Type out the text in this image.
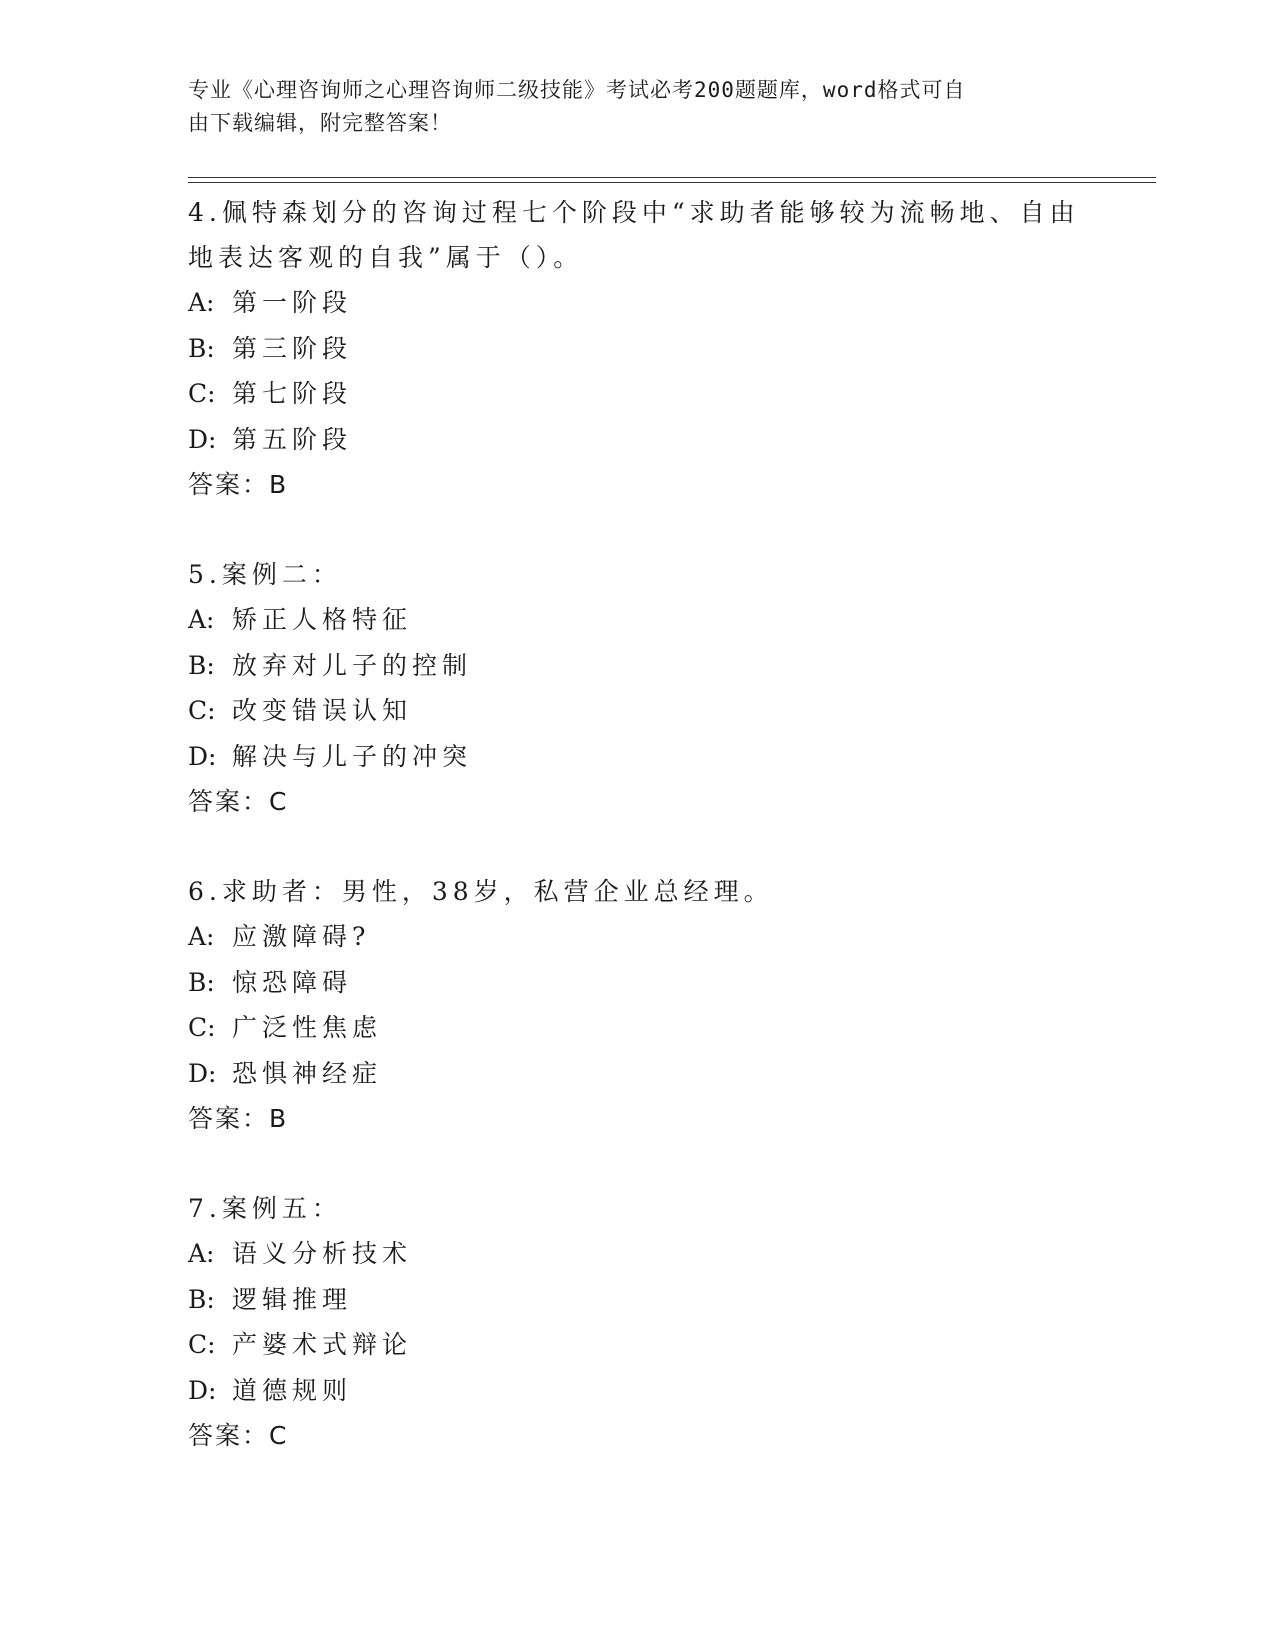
专业《心理咨询师之心理咨询师二级技能》考试必考200题题库，word格式可自
由下载编辑，附完整答案！

4.佩特森划分的咨询过程七个阶段中“求助者能够较为流畅地、自由

地表达客观的自我”属于（）。

A: 第一阶段

B: 第三阶段

C: 第七阶段

D: 第五阶段

答案：B

5.案例二：

A: 矫正人格特征

B: 放弃对儿子的控制

C: 改变错误认知

D: 解决与儿子的冲突

答案：C

6.求助者：男性，38岁，私营企业总经理。

A: 应激障碍?

B: 惊恐障碍

C: 广泛性焦虑

D: 恐惧神经症

答案：B

7.案例五：

A: 语义分析技术

B: 逻辑推理

C: 产婆术式辩论

D: 道德规则

答案：C
